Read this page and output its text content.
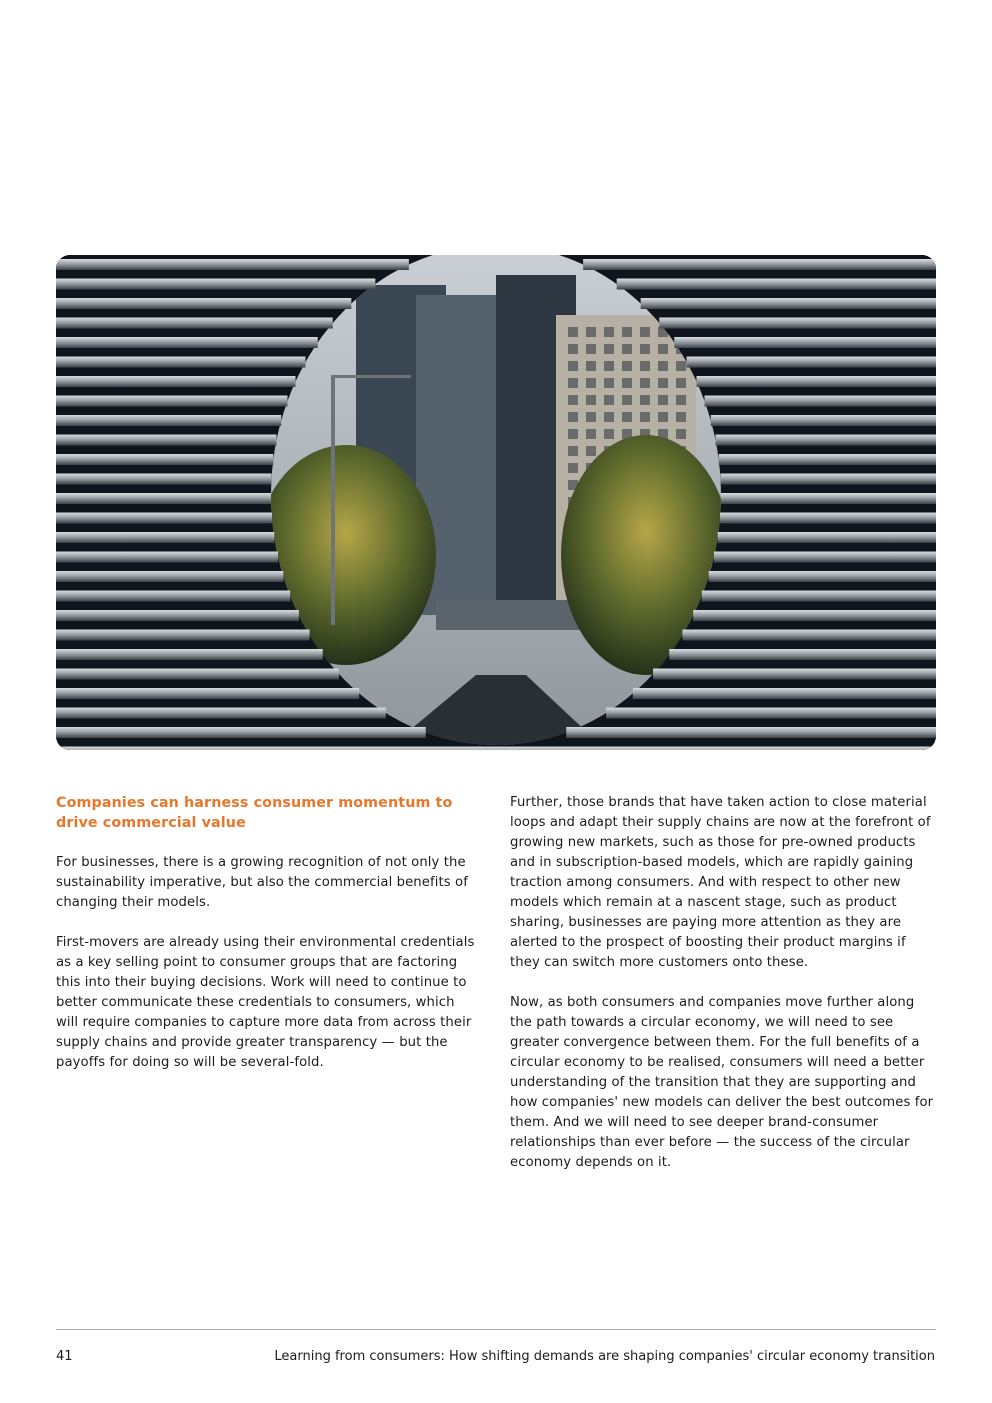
Companies can harness consumer momentum to drive commercial value

For businesses, there is a growing recognition of not only the sustainability imperative, but also the commercial benefits of changing their models.

First-movers are already using their environmental credentials as a key selling point to consumer groups that are factoring this into their buying decisions. Work will need to continue to better communicate these credentials to consumers, which will require companies to capture more data from across their supply chains and provide greater transparency — but the payoffs for doing so will be several-fold.

Further, those brands that have taken action to close material loops and adapt their supply chains are now at the forefront of growing new markets, such as those for pre-owned products and in subscription-based models, which are rapidly gaining traction among consumers. And with respect to other new models which remain at a nascent stage, such as product sharing, businesses are paying more attention as they are alerted to the prospect of boosting their product margins if they can switch more customers onto these.

Now, as both consumers and companies move further along the path towards a circular economy, we will need to see greater convergence between them. For the full benefits of a circular economy to be realised, consumers will need a better understanding of the transition that they are supporting and how companies' new models can deliver the best outcomes for them. And we will need to see deeper brand-consumer relationships than ever before — the success of the circular economy depends on it.

41	Learning from consumers: How shifting demands are shaping companies' circular economy transition
